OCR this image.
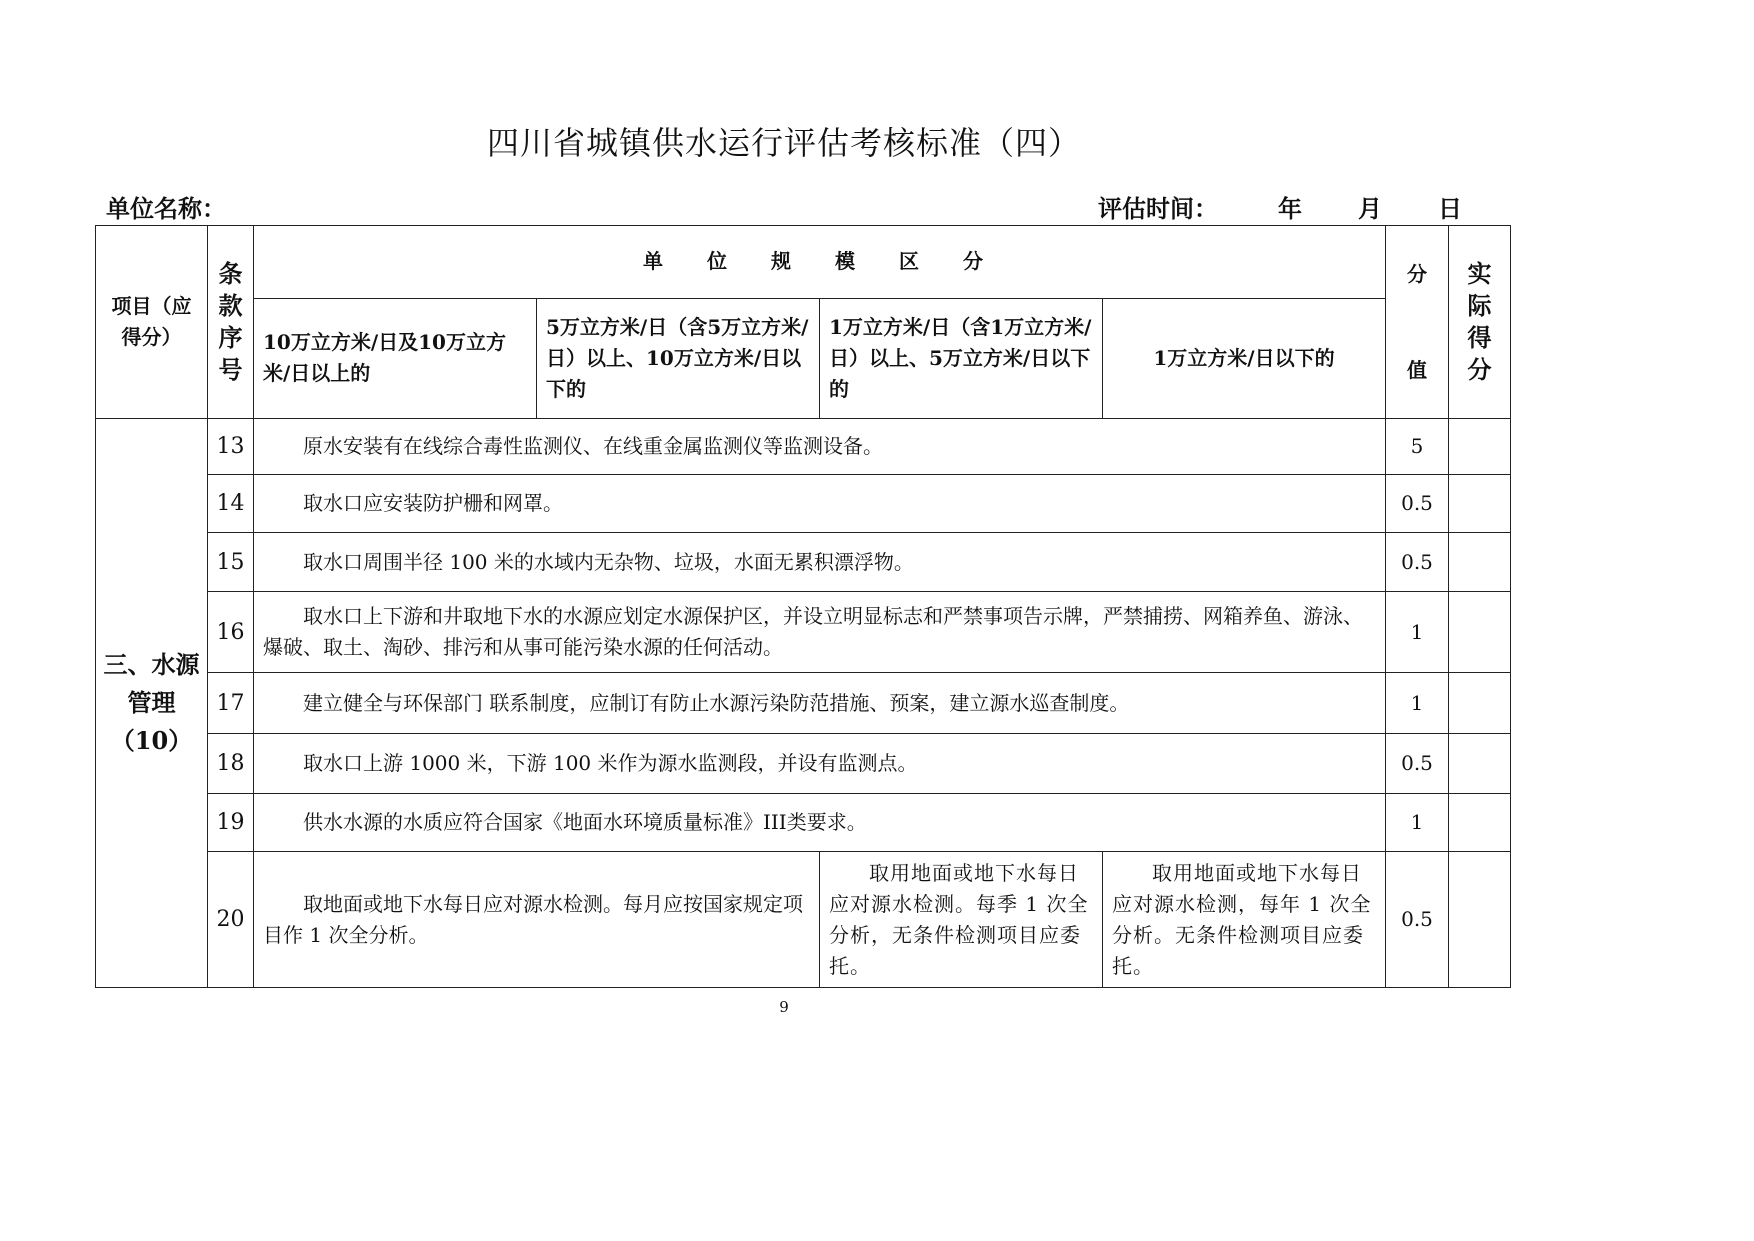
四川省城镇供水运行评估考核标准（四）
单位名称：	评估时间：	年 月 日
项目（应得分）	条款序号	单位规模区分				分值	实际得分

		10万立方米/日及10万立方米/日以上的	5万立方米/日（含5万立方米/日）以上、10万立方米/日以下的	1万立方米/日（含1万立方米/日）以上、5万立方米/日以下的	1万立方米/日以下的		

三、水源管理
（10）	13	原水安装有在线综合毒性监测仪、在线重金属监测仪等监测设备。				5	
	14	取水口应安装防护栅和网罩。				0.5	
	15	取水口周围半径 100 米的水域内无杂物、垃圾，水面无累积漂浮物。				0.5	
	16	取水口上下游和井取地下水的水源应划定水源保护区，并设立明显标志和严禁事项告示牌，严禁捕捞、网箱养鱼、游泳、爆破、取土、淘砂、排污和从事可能污染水源的任何活动。				1	
	17	建立健全与环保部门 联系制度，应制订有防止水源污染防范措施、预案，建立源水巡查制度。				1	
	18	取水口上游 1000 米，下游 100 米作为源水监测段，并设有监测点。				0.5	
	19	供水水源的水质应符合国家《地面水环境质量标准》III类要求。				1	
	20	取地面或地下水每日应对源水检测。每月应按国家规定项目作 1 次全分析。		取用地面或地下水每日应对源水检测。每季 1 次全分析，无条件检测项目应委托。	取用地面或地下水每日应对源水检测，每年 1 次全分析。无条件检测项目应委托。	0.5	
9
